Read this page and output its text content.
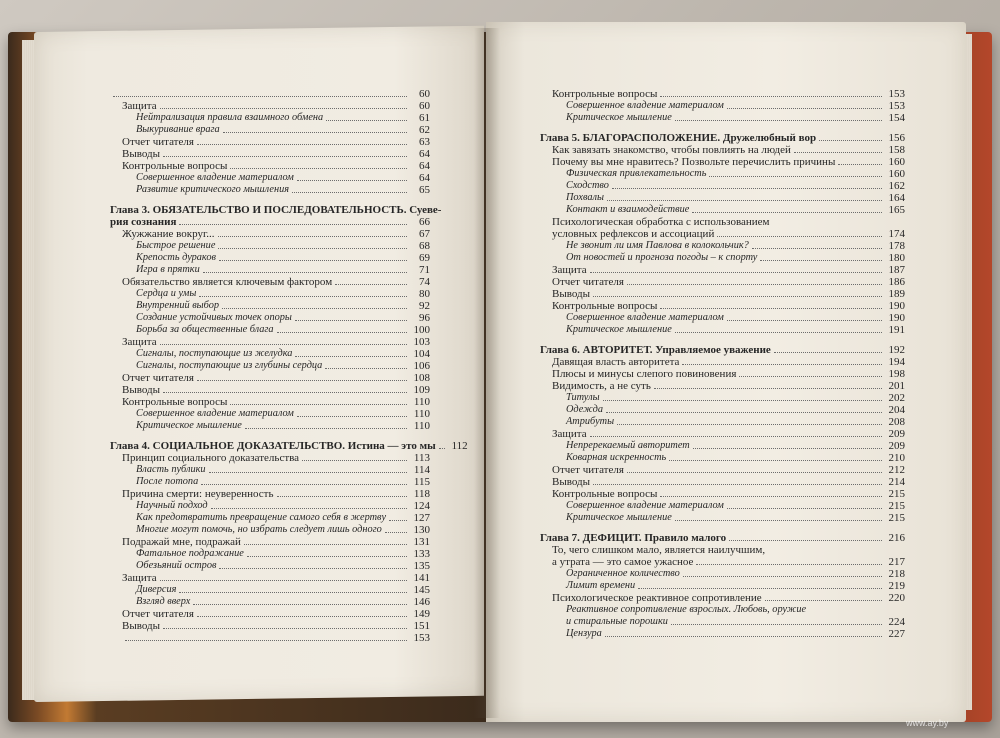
60
Защита	60
Нейтрализация правила взаимного обмена	61
Выкуривание врага	62
Отчет читателя	63
Выводы	64
Контрольные вопросы	64
Совершенное владение материалом	64
Развитие критического мышления	65
Глава 3. ОБЯЗАТЕЛЬСТВО И ПОСЛЕДОВАТЕЛЬНОСТЬ. Суеве-
рия сознания	66
Жужжание вокруг...	67
Быстрое решение	68
Крепость дураков	69
Игра в прятки	71
Обязательство является ключевым фактором	74
Сердца и умы	80
Внутренний выбор	92
Создание устойчивых точек опоры	96
Борьба за общественные блага	100
Защита	103
Сигналы, поступающие из желудка	104
Сигналы, поступающие из глубины сердца	106
Отчет читателя	108
Выводы	109
Контрольные вопросы	110
Совершенное владение материалом	110
Критическое мышление	110
Глава 4. СОЦИАЛЬНОЕ ДОКАЗАТЕЛЬСТВО. Истина — это мы	112
Принцип социального доказательства	113
Власть публики	114
После потопа	115
Причина смерти: неуверенность	118
Научный подход	124
Как предотвратить превращение самого себя в жертву	127
Многие могут помочь, но избрать следует лишь одного	130
Подражай мне, подражай	131
Фатальное подражание	133
Обезьяний остров	135
Защита	141
Диверсия	145
Взгляд вверх	146
Отчет читателя	149
Выводы	151
153
Контрольные вопросы	153
Совершенное владение материалом	153
Критическое мышление	154
Глава 5. БЛАГОРАСПОЛОЖЕНИЕ. Дружелюбный вор	156
Как завязать знакомство, чтобы повлиять на людей	158
Почему вы мне нравитесь? Позвольте перечислить причины	160
Физическая привлекательность	160
Сходство	162
Похвалы	164
Контакт и взаимодействие	165
Психологическая обработка с использованием
условных рефлексов и ассоциаций	174
Не звонит ли имя Павлова в колокольчик?	178
От новостей и прогноза погоды – к спорту	180
Защита	187
Отчет читателя	186
Выводы	189
Контрольные вопросы	190
Совершенное владение материалом	190
Критическое мышление	191
Глава 6. АВТОРИТЕТ. Управляемое уважение	192
Давящая власть авторитета	194
Плюсы и минусы слепого повиновения	198
Видимость, а не суть	201
Титулы	202
Одежда	204
Атрибуты	208
Защита	209
Непререкаемый авторитет	209
Коварная искренность	210
Отчет читателя	212
Выводы	214
Контрольные вопросы	215
Совершенное владение материалом	215
Критическое мышление	215
Глава 7. ДЕФИЦИТ. Правило малого	216
То, чего слишком мало, является наилучшим,
а утрата — это самое ужасное	217
Ограниченное количество	218
Лимит времени	219
Психологическое реактивное сопротивление	220
Реактивное сопротивление взрослых. Любовь, оружие
и стиральные порошки	224
Цензура	227
www.ay.by
